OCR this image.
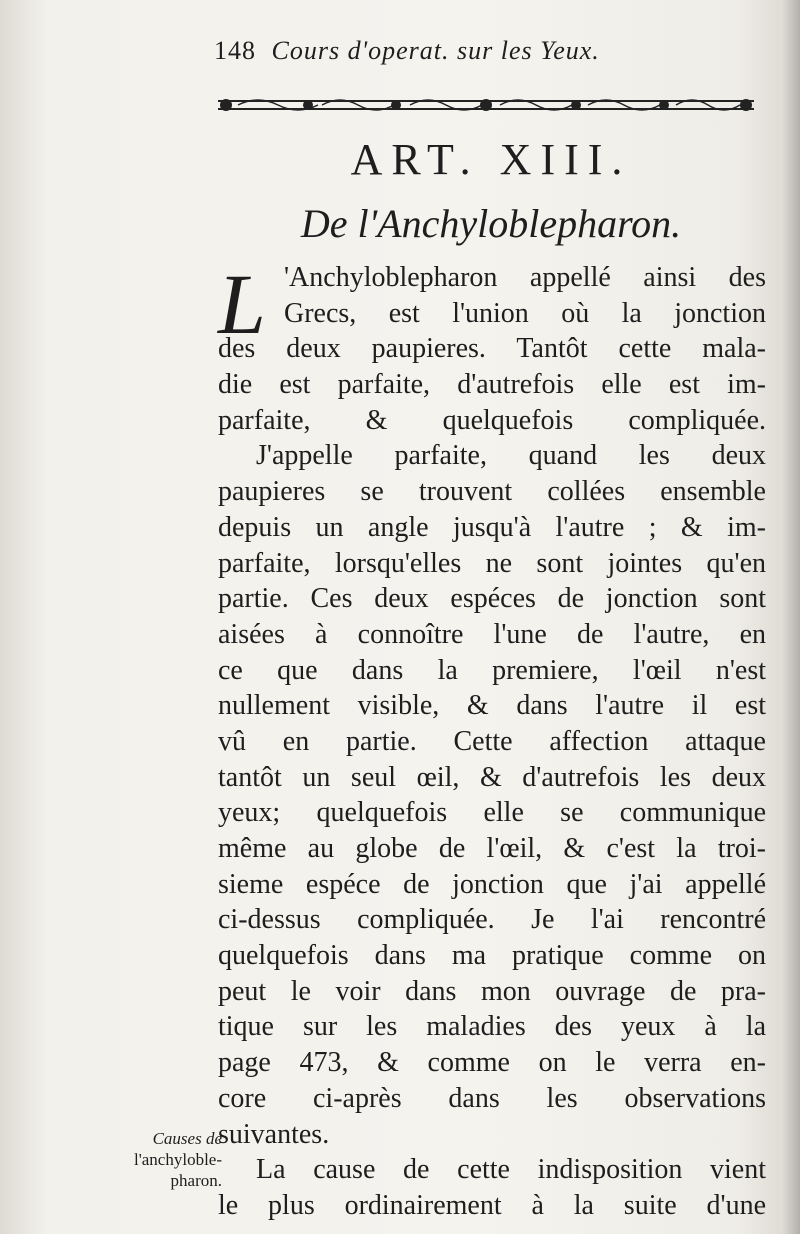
148 Cours d'operat. sur les Yeux.
ART. XIII.
De l'Anchyloblepharon.
L 'Anchyloblepharon appellé ainsi des
Grecs, est l'union où la jonction
des deux paupieres. Tantôt cette mala-
die est parfaite, d'autrefois elle est im-
parfaite, & quelquefois compliquée.
J'appelle parfaite, quand les deux
paupieres se trouvent collées ensemble
depuis un angle jusqu'à l'autre ; & im-
parfaite, lorsqu'elles ne sont jointes qu'en
partie. Ces deux espéces de jonction sont
aisées à connoître l'une de l'autre, en
ce que dans la premiere, l'œil n'est
nullement visible, & dans l'autre il est
vû en partie. Cette affection attaque
tantôt un seul œil, & d'autrefois les deux
yeux; quelquefois elle se communique
même au globe de l'œil, & c'est la troi-
sieme espéce de jonction que j'ai appellé
ci-dessus compliquée. Je l'ai rencontré
quelquefois dans ma pratique comme on
peut le voir dans mon ouvrage de pra-
tique sur les maladies des yeux à la
page 473, & comme on le verra en-
core ci-après dans les observations
suivantes.
La cause de cette indisposition vient
le plus ordinairement à la suite d'une
Causes de
l'anchyloble-
pharon.
